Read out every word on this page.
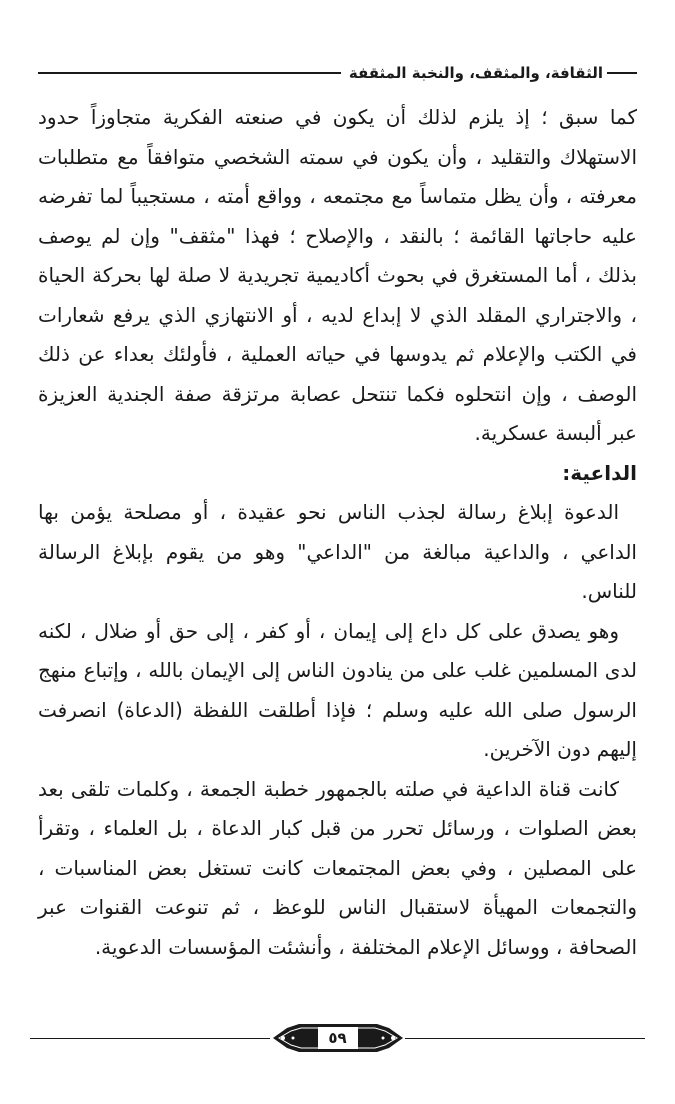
الثقافة، والمثقف، والنخبة المثقفة

كما سبق ؛ إذ يلزم لذلك أن يكون في صنعته الفكرية متجاوزاً حدود الاستهلاك والتقليد ، وأن يكون في سمته الشخصي متوافقاً مع متطلبات معرفته ، وأن يظل متماساً مع مجتمعه ، وواقع أمته ، مستجيباً لما تفرضه عليه حاجاتها القائمة ؛ بالنقد ، والإصلاح ؛ فهذا "مثقف" وإن لم يوصف بذلك ، أما المستغرق في بحوث أكاديمية تجريدية لا صلة لها بحركة الحياة ، والاجتراري المقلد الذي لا إبداع لديه ، أو الانتهازي الذي يرفع شعارات في الكتب والإعلام ثم يدوسها في حياته العملية ، فأولئك بعداء عن ذلك الوصف ، وإن انتحلوه فكما تنتحل عصابة مرتزقة صفة الجندية العزيزة عبر ألبسة عسكرية.

الداعية:

الدعوة إبلاغ رسالة لجذب الناس نحو عقيدة ، أو مصلحة يؤمن بها الداعي ، والداعية مبالغة من "الداعي" وهو من يقوم بإبلاغ الرسالة للناس.

وهو يصدق على كل داع إلى إيمان ، أو كفر ، إلى حق أو ضلال ، لكنه لدى المسلمين غلب على من ينادون الناس إلى الإيمان بالله ، وإتباع منهج الرسول صلى الله عليه وسلم ؛ فإذا أطلقت اللفظة (الدعاة) انصرفت إليهم دون الآخرين.

كانت قناة الداعية في صلته بالجمهور خطبة الجمعة ، وكلمات تلقى بعد بعض الصلوات ، ورسائل تحرر من قبل كبار الدعاة ، بل العلماء ، وتقرأ على المصلين ، وفي بعض المجتمعات كانت تستغل بعض المناسبات ، والتجمعات المهيأة لاستقبال الناس للوعظ ، ثم تنوعت القنوات عبر الصحافة ، ووسائل الإعلام المختلفة ، وأنشئت المؤسسات الدعوية.

٥٩
